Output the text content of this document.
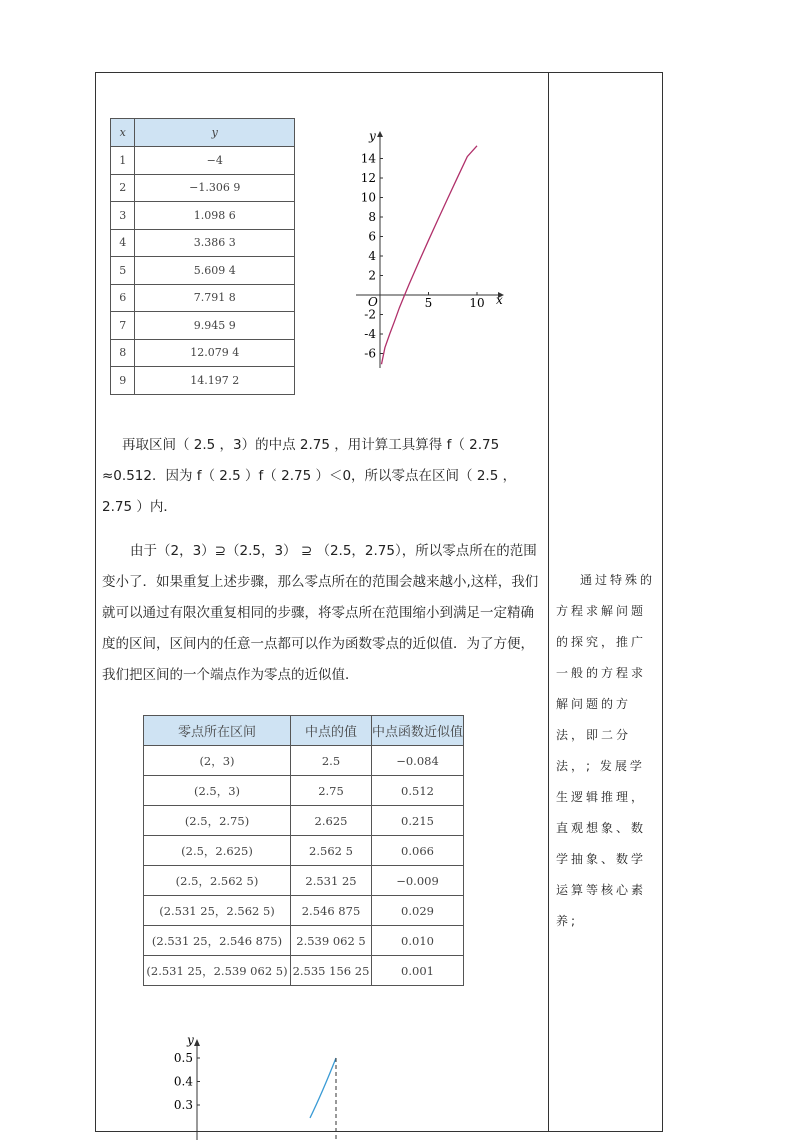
x	y
1	−4
2	−1.306 9
3	1.098 6
4	3.386 3
5	5.609 4
6	7.791 8
7	9.945 9
8	12.079 4
9	14.197 2
x
y
O
14
12
10
8
6
4
2
-2
-4
-6
5	10
再取区间（ 2.5 ，3）的中点 2.75 ，用计算工具算得 f（ 2.75 ≈0.512．因为 f（ 2.5 ）f（ 2.75 ）＜0，所以零点在区间（ 2.5 ，2.75 ）内．
由于（2，3）⊇（2.5，3） ⊇ （2.5，2.75），所以零点所在的范围变小了．如果重复上述步骤，那么零点所在的范围会越来越小,这样，我们就可以通过有限次重复相同的步骤，将零点所在范围缩小到满足一定精确度的区间，区间内的任意一点都可以作为函数零点的近似值．为了方便，我们把区间的一个端点作为零点的近似值．
零点所在区间	中点的值	中点函数近似值
(2，3)	2.5	−0.084
(2.5，3)	2.75	0.512
(2.5，2.75)	2.625	0.215
(2.5，2.625)	2.562 5	0.066
(2.5，2.562 5)	2.531 25	−0.009
(2.531 25，2.562 5)	2.546 875	0.029
(2.531 25，2.546 875)	2.539 062 5	0.010
(2.531 25，2.539 062 5)	2.535 156 25	0.001
通过特殊的方程求解问题的探究，推广一般的方程求解问题的方法，即二分法，; 发展学生逻辑推理，直观想象、数学抽象、数学运算等核心素养;
y
0.5
0.4
0.3
